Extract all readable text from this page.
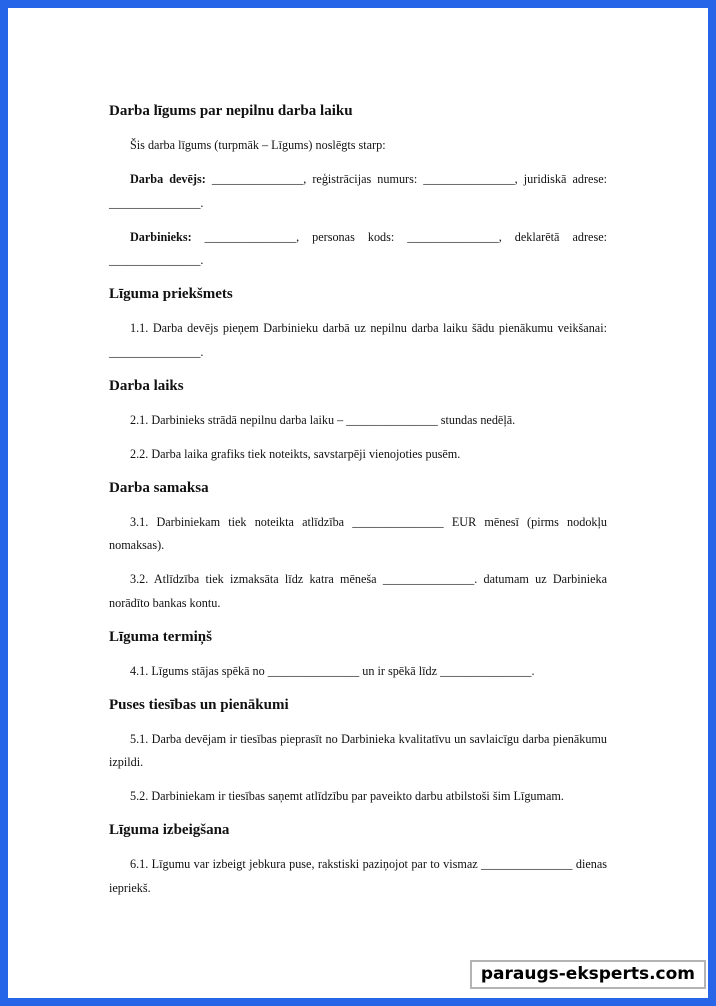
Darba līgums par nepilnu darba laiku

Šis darba līgums (turpmāk – Līgums) noslēgts starp:

Darba devējs: _______________, reģistrācijas numurs: _______________, juridiskā adrese: _______________.

Darbinieks: _______________, personas kods: _______________, deklarētā adrese: _______________.

Līguma priekšmets

1.1. Darba devējs pieņem Darbinieku darbā uz nepilnu darba laiku šādu pienākumu veikšanai: _______________.

Darba laiks

2.1. Darbinieks strādā nepilnu darba laiku – _______________ stundas nedēļā.

2.2. Darba laika grafiks tiek noteikts, savstarpēji vienojoties pusēm.

Darba samaksa

3.1. Darbiniekam tiek noteikta atlīdzība _______________ EUR mēnesī (pirms nodokļu nomaksas).

3.2. Atlīdzība tiek izmaksāta līdz katra mēneša _______________. datumam uz Darbinieka norādīto bankas kontu.

Līguma termiņš

4.1. Līgums stājas spēkā no _______________ un ir spēkā līdz _______________.

Puses tiesības un pienākumi

5.1. Darba devējam ir tiesības pieprasīt no Darbinieka kvalitatīvu un savlaicīgu darba pienākumu izpildi.

5.2. Darbiniekam ir tiesības saņemt atlīdzību par paveikto darbu atbilstoši šim Līgumam.

Līguma izbeigšana

6.1. Līgumu var izbeigt jebkura puse, rakstiski paziņojot par to vismaz _______________ dienas iepriekš.

paraugs-eksperts.com
